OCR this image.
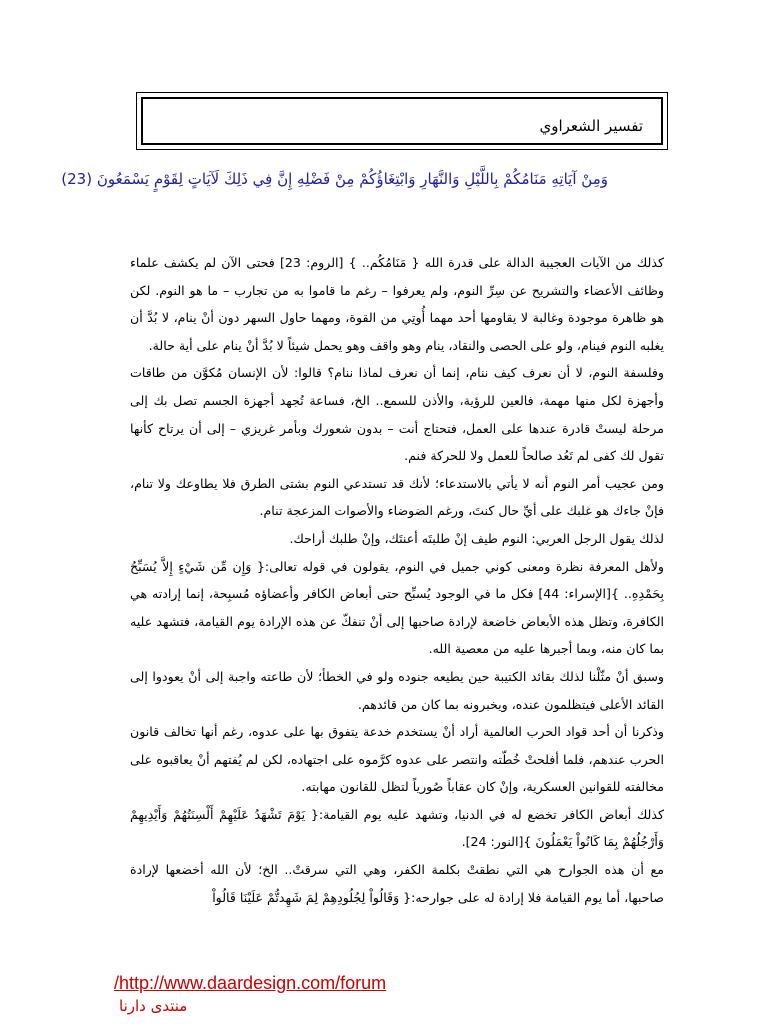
تفسير الشعراوي
وَمِنْ آيَاتِهِ مَنَامُكُمْ بِاللَّيْلِ وَالنَّهَارِ وَابْتِغَاؤُكُمْ مِنْ فَضْلِهِ إِنَّ فِي ذَلِكَ لَآيَاتٍ لِقَوْمٍ يَسْمَعُونَ (23)

كذلك من الآيات العجيبة الدالة على قدرة الله { مَنَامُكُم.. } [الروم: 23] فحتى الآن لم يكشف علماء وظائف الأعضاء والتشريح عن سِرِّ النوم، ولم يعرفوا – رغم ما قاموا به من تجارب – ما هو النوم. لكن هو ظاهرة موجودة وغالبة لا يقاومها أحد مهما أُوتِي من القوة، ومهما حاول السهر دون أنْ ينام، لا بُدَّ أن يغلبه النوم فينام، ولو على الحصى والنقاد، ينام وهو واقف وهو يحمل شيئاً لا بُدَّ أنْ ينام على أية حالة.

وفلسفة النوم، لا أن نعرف كيف ننام، إنما أن نعرف لماذا ننام؟ قالوا: لأن الإنسان مُكوَّن من طاقات وأجهزة لكل منها مهمة، فالعين للرؤية، والأذن للسمع.. الخ، فساعة تُجهد أجهزة الجسم تصل بك إلى مرحلة ليستْ قادرة عندها على العمل، فتحتاج أنت – بدون شعورك وبأمر غريزي – إلى أن يرتاح كأنها تقول لك كفى لم تَعُد صالحاً للعمل ولا للحركة فنم.

ومن عجيب أمر النوم أنه لا يأتي بالاستدعاء؛ لأنك قد تستدعي النوم بشتى الطرق فلا يطاوعك ولا تنام، فإنْ جاءك هو غلبك على أيِّ حال كنتَ، ورغم الضوضاء والأصوات المزعجة تنام.

لذلك يقول الرجل العربي: النوم طيف إنْ طلبتَه أعنتَك، وإنْ طلبك أراحك.

ولأهل المعرفة نظرة ومعنى كوني جميل في النوم، يقولون في قوله تعالى:{ وَإِن مِّن شَيْءٍ إِلاَّ يُسَبِّحُ بِحَمْدِهِ.. }[الإسراء: 44] فكل ما في الوجود يُسبِّح حتى أبعاض الكافر وأعضاؤه مُسبِحة، إنما إرادته هي الكافرة، وتظل هذه الأبعاض خاضعة لإرادة صاحبها إلى أنْ تنفكّ عن هذه الإرادة يوم القيامة، فتشهد عليه بما كان منه، وبما أجبرها عليه من معصية الله.

وسبق أنْ مثّلْنا لذلك بقائد الكتيبة حين يطيعه جنوده ولو في الخطأ؛ لأن طاعته واجبة إلى أنْ يعودوا إلى القائد الأعلى فيتظلمون عنده، ويخبرونه بما كان من قائدهم.

وذكرنا أن أحد قواد الحرب العالمية أراد أنْ يستخدم خدعة يتفوق بها على عدوه، رغم أنها تخالف قانون الحرب عندهم، فلما أفلحتْ خُطّته وانتصر على عدوه كرَّموه على اجتهاده، لكن لم يُفتهم أنْ يعاقبوه على مخالفته للقوانين العسكرية، وإنْ كان عقاباً صُورياً لتظل للقانون مهابته.

كذلك أبعاض الكافر تخضع له في الدنيا، وتشهد عليه يوم القيامة:{ يَوْمَ تَشْهَدُ عَلَيْهِمْ أَلْسِنَتُهُمْ وَأَيْدِيهِمْ وَأَرْجُلُهُمْ بِمَا كَانُواْ يَعْمَلُونَ }[النور: 24].

مع أن هذه الجوارح هي التي نطقتْ بكلمة الكفر، وهي التي سرقتْ.. الخ؛ لأن الله أخضعها لإرادة صاحبها، أما يوم القيامة فلا إرادة له على جوارحه:{ وَقَالُواْ لِجُلُودِهِمْ لِمَ شَهِدتُّمْ عَلَيْنَا قَالُواْ

/http://www.daardesign.com/forum
منتدى دارنا
